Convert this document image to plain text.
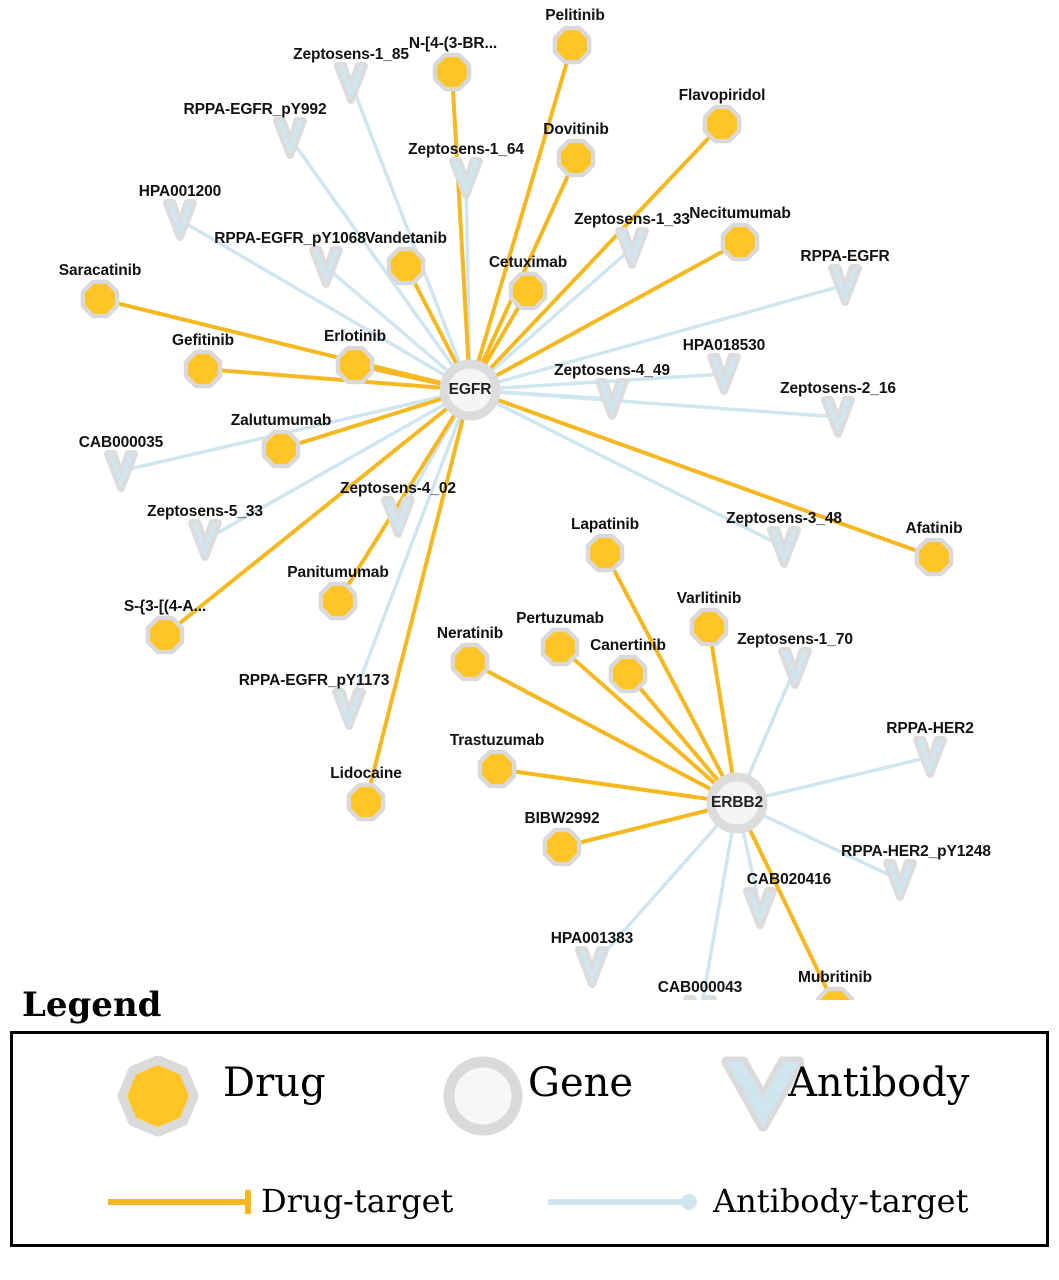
Zeptosens-1_85
RPPA-EGFR_pY992
Zeptosens-1_64
HPA001200
Zeptosens-1_33
RPPA-EGFR_pY1068
RPPA-EGFR
HPA018530
Zeptosens-4_49
Zeptosens-2_16
CAB000035
Zeptosens-4_02
Zeptosens-5_33	Zeptosens-3_48
Zeptosens-1_70
RPPA-EGFR_pY1173
RPPA-HER2
RPPA-HER2_pY1248
CAB020416
HPA001383
CAB000043
Pelitinib
N-[4-(3-BR...
Flavopiridol
Dovitinib
Necitumumab
Vandetanib
Cetuximab
Saracatinib
Gefitinib	Erlotinib
Zalutumumab
Afatinib
Lapatinib
Varlitinib
Panitumumab
S-{3-[(4-A...
Pertuzumab
Neratinib
Canertinib
Trastuzumab
Lidocaine
BIBW2992
Mubritinib
EGFR
ERBB2
Legend
Drug	Gene	Antibody
Drug-target	Antibody-target
